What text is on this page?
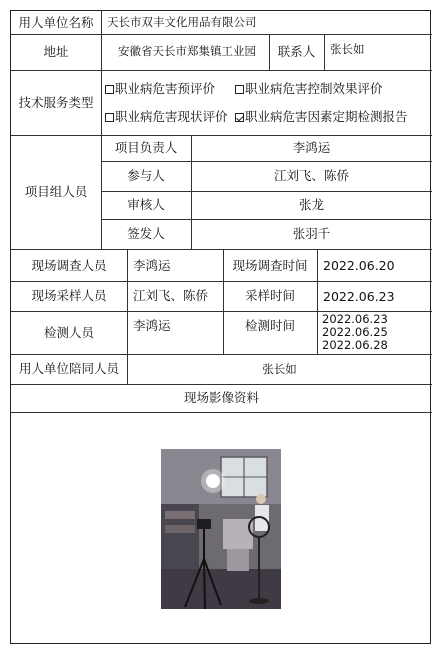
用人单位名称	天长市双丰文化用品有限公司
地址	安徽省天长市郑集镇工业园	联系人	张长如
技术服务类型
职业病危害预评价	职业病危害控制效果评价
职业病危害现状评价	职业病危害因素定期检测报告
项目组人员
项目负责人	李鸿运
参与人	江刘飞、陈侨
审核人	张龙
签发人	张羽千
现场调查人员	李鸿运	现场调查时间	2022.06.20
现场采样人员	江刘飞、陈侨	采样时间	2022.06.23
检测人员	李鸿运	检测时间	2022.06.23
2022.06.25
2022.06.28
用人单位陪同人员	张长如
现场影像资料
